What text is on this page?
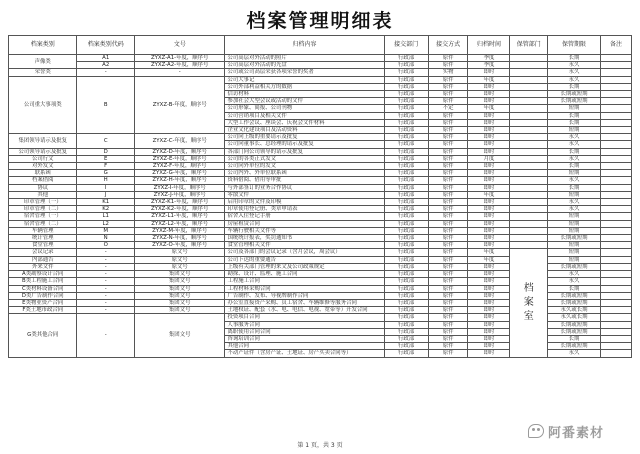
档案管理明细表
档案类别	档案类别代码	文号	归档内容	接交部门	接交方式	归档时间	保管部门	保管期限	备注
声像类	A1	ZYXZ-A1-年度，顺序号	公司高层对外活动的照片	行政部	原件	季度		长期	
	A2	ZYXZ-A2-年度，顺序号	公司高层对外活动的光盘	行政部	原件	季度		永久	
荣誉类	-	-	公司或公司高层荣获各项荣誉的奖著	行政部	实物	即时		永久	
公司重大事项类	B	ZYXZ-B-年度，顺序号	公司大事记	行政部	原件	年度		永久	
			公司外部利益相关方的数据	行政部	原件	即时		长期	
			信访材料	行政部	原件	即时		长期或短期	
			参加社会大型会议或活动的文件	行政部	原件	即时		长期或短期	
			公司形象、简报、公司刊物	行政部	不定	年度		短期	
			公司营销项目及相关文件	行政部	原件	即时		长期	
			大型工作会议、座谈会、庆祝会文件材料	行政部	原件	即时		长期	
			企业文化建设项目及活动资料	行政部	原件	即时		短期	
集团领导请示及批复	C	ZYXZ-C-年度，顺序号	公司向上级的重要请示及批复	行政部	原件	即时		永久	
			公司向董事长、总经理的请示及批复	行政部	原件	即时		永久	
公司领导请示及批复	D	ZYXZ-D-年度，顺序号	各部门向公司领导的请示及批复	行政部	原件	即时		长期	
公司行文	E	ZYXZ-E-年度，顺序号	公司的各类正式发文	行政部	原件	月度		永久	
对外发文	F	ZYXZ-F-年度，顺序号	公司向外单位的发文	行政部	原件	即时		长期	
联系函	G	ZYXZ-G-年度，顺序号	公司内外、外单位联系函	行政部	原件	即时		短期	
档案借阅	H	ZYXZ-H-年度，顺序号	资料借阅、借用等审批	行政部	原件	即时		永久	
协议	I	ZYXZ-I-年度，顺序号	与外部签订的业务合作协议	行政部	原件	即时		长期	
其他	J	ZYXZ-J-年度，顺序号	零散文件	行政部	原件	年度		短期	
印章管理（一）	K1	ZYXZ-K1-年度，顺序号	启用印章的文件及印模	行政部	原件	即时		永久	
印章管理（二）	K2	ZYXZ-K2-年度，顺序号	印章使用登记册、类章申请表	行政部	原件	即时		永久	
宿舍管理（一）	L1	ZYXZ-L1-年度，顺序号	宿舍入住登记手册	行政部	原件	即时		短期	
宿舍管理（二）	L2	ZYXZ-L2-年度，顺序号	房屋租赁合同	行政部	原件	即时		短期	
车辆管理	M	ZYXZ-M-年度，顺序号	车辆行驶相关文件等	行政部	原件	即时		短期	
统计管理	N	ZYXZ-N-年度，顺序号	国统统计报表，奖罚通知书	行政部	原件	即时		长期或短期	
食堂管理	O	ZYXZ-O-年度，顺序号	食堂管理相关文件	行政部	原件	即时		短期	
会议记录	-	原文号	公司及各部门的会议记录（含月会议，周会议）	行政部	原件	年度	档案室	短期	
内部通告	-	原文号	公司下达的重要通告	行政部	原件	年度		短期	
外来文件	-	原文号	上级有关部门管理的来文及公司政策规定	行政部	原件	即时		长期或短期	
A类勘察设计合同	-	集团文号	勘探、设计、监理、施工合同	行政部	原件	即时		永久	
B类工程施工合同	-	集团文号	工程施工合同	行政部	原件	即时		永久	
C类材料设备合同	-	集团文号	工程材料采购合同	行政部	原件	即时		长期	
D类广告制作合同	-	集团文号	广告制作、发布、导视牌制作合同	行政部	原件	即时		长期或短期	
E类物业资产合同	-	集团文号	办公室直接资产采购、员工宿舍、车辆维修等服务合同	行政部	原件	即时		长期或短期	
F类土地市政合同	-	集团文号	土地权证、配套（水、电、电信、电视、宽带等）开发合同	行政部	原件	即时		永久或长期	
G类其他合同	-	集团文号	投资项目合同	行政部	原件	即时		永久或长期	
			人事服务合同	行政部	原件	即时		长期或短期	
			离职使用合同合同	行政部	原件	即时		长期或短期	
			咨询培训合同	行政部	原件	即时		长期	
			其他合同	行政部	原件	即时		长期或短期	
			不动产证件（含房产证、土地证、房产买卖合同等）	行政部	原件	即时		永久	
第 1 页，共 3 页
阿番素材
